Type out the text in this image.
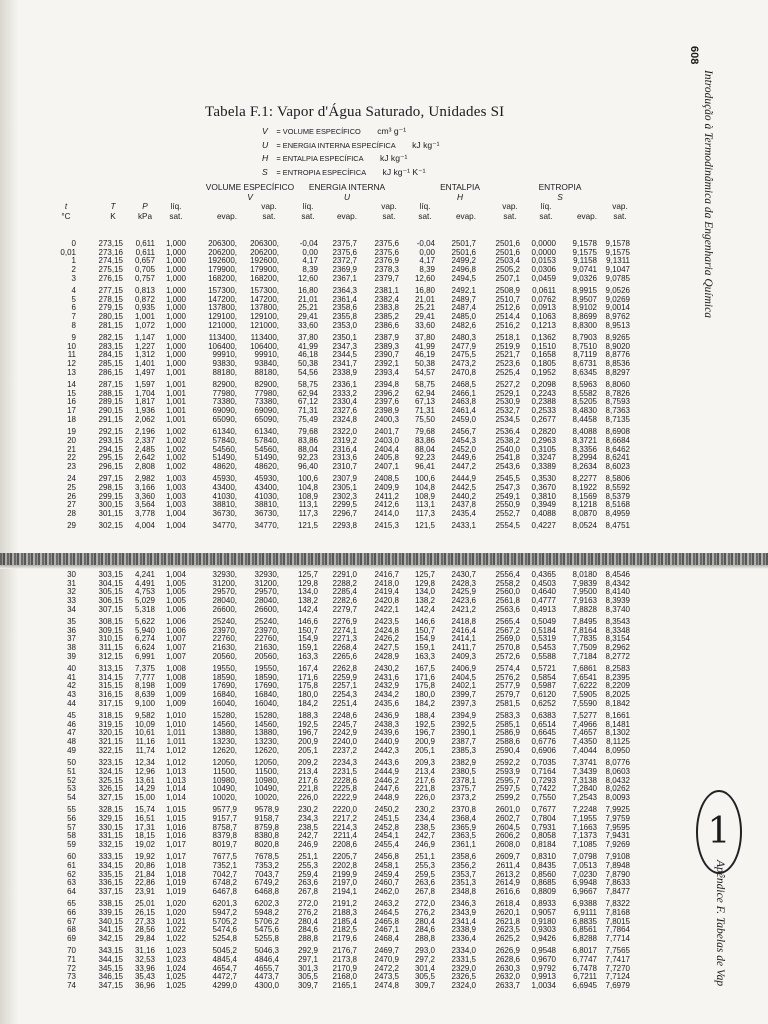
608
Introdução à Termodinâmica da Engenharia Química
Apêndice F. Tabelas de Vap
1
Tabela F.1: Vapor d'Água Saturado, Unidades SI
V = VOLUME ESPECÍFICO cm³ g⁻¹
U = ENERGIA INTERNA ESPECÍFICA kJ kg⁻¹
H = ENTALPIA ESPECÍFICA kJ kg⁻¹
S = ENTROPIA ESPECÍFICA kJ kg⁻¹ K⁻¹
VOLUME ESPECÍFICO
V
ENERGIA INTERNA
U
ENTALPIA
H
ENTROPIA
S
t
°C
T
K
P
kPa
líq.
sat.
	evap.
vap.
sat.
líq.
sat.
	evap.
vap.
sat.
líq.
sat.
	evap.
vap.
sat.
líq.
sat.
	evap.
vap.
sat.
0	273,15 0,611 1,000	206300, 206300,	-0,04 2375,7 2375,6 -0,04 2501,7 2501,6 0,0000 9,1578 9,1578
0,01	273,16 0,611 1,000	206200, 206200,	0,00 2375,6 2375,6	0,00 2501,6 2501,6 0,0000 9,1575 9,1575
1	274,15 0,657 1,000	192600, 192600,	4,17 2372,7 2376,9	4,17 2499,2 2503,4 0,0153 9,1158 9,1311
2	275,15 0,705 1,000	179900, 179900,	8,39 2369,9 2378,3	8,39 2496,8 2505,2 0,0306 9,0741 9,1047
3	276,15 0,757 1,000	168200, 168200, 12,60 2367,1 2379,7 12,60 2494,5 2507,1 0,0459 9,0326 9,0785
4	277,15 0,813 1,000	157300, 157300, 16,80 2364,3 2381,1 16,80 2492,1 2508,9 0,0611 8,9915 9,0526
5	278,15 0,872 1,000	147200, 147200, 21,01 2361,4 2382,4 21,01 2489,7 2510,7 0,0762 8,9507 9,0269
6	279,15 0,935 1,000	137800, 137800, 25,21 2358,6 2383,8 25,21 2487,4 2512,6 0,0913 8,9102 9,0014
7	280,15 1,001 1,000	129100, 129100, 29,41 2355,8 2385,2 29,41 2485,0 2514,4 0,1063 8,8699 8,9762
8	281,15 1,072 1,000	121000, 121000, 33,60 2353,0 2386,6 33,60 2482,6 2516,2 0,1213 8,8300 8,9513
9	282,15 1,147 1,000	113400, 113400, 37,80 2350,1 2387,9 37,80 2480,3 2518,1 0,1362 8,7903 8,9265
10	283,15 1,227 1,000	106400, 106400, 41,99 2347,3 2389,3 41,99 2477,9 2519,9 0,1510 8,7510 8,9020
11	284,15 1,312 1,000	99910, 99910, 46,18 2344,5 2390,7 46,19 2475,5 2521,7 0,1658 8,7119 8,8776
12	285,15 1,401 1,000	93830, 93840, 50,38 2341,7 2392,1 50,38 2473,2 2523,6 0,1805 8,6731 8,8536
13	286,15 1,497 1,001	88180, 88180, 54,56 2338,9 2393,4 54,57 2470,8 2525,4 0,1952 8,6345 8,8297
14	287,15 1,597 1,001	82900, 82900, 58,75 2336,1 2394,8 58,75 2468,5 2527,2 0,2098 8,5963 8,8060
15	288,15 1,704 1,001	77980, 77980, 62,94 2333,2 2396,2 62,94 2466,1 2529,1 0,2243 8,5582 8,7826
16	289,15 1,817 1,001	73380, 73380, 67,12 2330,4 2397,6 67,13 2463,8 2530,9 0,2388 8,5205 8,7593
17	290,15 1,936 1,001	69090, 69090, 71,31 2327,6 2398,9 71,31 2461,4 2532,7 0,2533 8,4830 8,7363
18	291,15 2,062 1,001	65090, 65090, 75,49 2324,8 2400,3 75,50 2459,0 2534,5 0,2677 8,4458 8,7135
19	292,15 2,196 1,002	61340, 61340, 79,68 2322,0 2401,7 79,68 2456,7 2536,4 0,2820 8,4088 8,6908
20	293,15 2,337 1,002	57840, 57840, 83,86 2319,2 2403,0 83,86 2454,3 2538,2 0,2963 8,3721 8,6684
21	294,15 2,485 1,002	54560, 54560, 88,04 2316,4 2404,4 88,04 2452,0 2540,0 0,3105 8,3356 8,6462
22	295,15 2,642 1,002	51490, 51490, 92,23 2313,6 2405,8 92,23 2449,6 2541,8 0,3247 8,2994 8,6241
23	296,15 2,808 1,002	48620, 48620, 96,40 2310,7 2407,1 96,41 2447,2 2543,6 0,3389 8,2634 8,6023
24	297,15 2,982 1,003	45930, 45930, 100,6 2307,9 2408,5 100,6 2444,9 2545,5 0,3530 8,2277 8,5806
25	298,15 3,166 1,003	43400, 43400, 104,8 2305,1 2409,9 104,8 2442,5 2547,3 0,3670 8,1922 8,5592
26	299,15 3,360 1,003	41030, 41030, 108,9 2302,3 2411,2 108,9 2440,2 2549,1 0,3810 8,1569 8,5379
27	300,15 3,564 1,003	38810, 38810, 113,1 2299,5 2412,6 113,1 2437,8 2550,9 0,3949 8,1218 8,5168
28	301,15 3,778 1,004	36730, 36730, 117,3 2296,7 2414,0 117,3 2435,4 2552,7 0,4088 8,0870 8,4959
29	302,15 4,004 1,004	34770, 34770, 121,5 2293,8 2415,3 121,5 2433,1 2554,5 0,4227 8,0524 8,4751
30	303,15 4,241 1,004	32930, 32930, 125,7 2291,0 2416,7 125,7 2430,7 2556,4 0,4365 8,0180 8,4546
31	304,15 4,491 1,005	31200, 31200, 129,8 2288,2 2418,0 129,8 2428,3 2558,2 0,4503 7,9839 8,4342
32	305,15 4,753 1,005	29570, 29570, 134,0 2285,4 2419,4 134,0 2425,9 2560,0 0,4640 7,9500 8,4140
33	306,15 5,029 1,005	28040, 28040, 138,2 2282,6 2420,8 138,2 2423,6 2561,8 0,4777 7,9163 8,3939
34	307,15 5,318 1,006	26600, 26600, 142,4 2279,7 2422,1 142,4 2421,2 2563,6 0,4913 7,8828 8,3740
35	308,15 5,622 1,006	25240, 25240, 146,6 2276,9 2423,5 146,6 2418,8 2565,4 0,5049 7,8495 8,3543
36	309,15 5,940 1,006	23970, 23970, 150,7 2274,1 2424,8 150,7 2416,4 2567,2 0,5184 7,8164 8,3348
37	310,15 6,274 1,007	22760, 22760, 154,9 2271,3 2426,2 154,9 2414,1 2569,0 0,5319 7,7835 8,3154
38	311,15 6,624 1,007	21630, 21630, 159,1 2268,4 2427,5 159,1 2411,7 2570,8 0,5453 7,7509 8,2962
39	312,15 6,991 1,007	20560, 20560, 163,3 2265,6 2428,9 163,3 2409,3 2572,6 0,5588 7,7184 8,2772
40	313,15 7,375 1,008	19550, 19550, 167,4 2262,8 2430,2 167,5 2406,9 2574,4 0,5721 7,6861 8,2583
41	314,15 7,777 1,008	18590, 18590, 171,6 2259,9 2431,6 171,6 2404,5 2576,2 0,5854 7,6541 8,2395
42	315,15 8,198 1,009	17690, 17690, 175,8 2257,1 2432,9 175,8 2402,1 2577,9 0,5987 7,6222 8,2209
43	316,15 8,639 1,009	16840, 16840, 180,0 2254,3 2434,2 180,0 2399,7 2579,7 0,6120 7,5905 8,2025
44	317,15 9,100 1,009	16040, 16040, 184,2 2251,4 2435,6 184,2 2397,3 2581,5 0,6252 7,5590 8,1842
45	318,15 9,582 1,010	15280, 15280, 188,3 2248,6 2436,9 188,4 2394,9 2583,3 0,6383 7,5277 8,1661
46	319,15 10,09 1,010	14560, 14560, 192,5 2245,7 2438,3 192,5 2392,5 2585,1 0,6514 7,4966 8,1481
47	320,15 10,61 1,011	13880, 13880, 196,7 2242,9 2439,6 196,7 2390,1 2586,9 0,6645 7,4657 8,1302
48	321,15 11,16 1,011	13230, 13230, 200,9 2240,0 2440,9 200,9 2387,7 2588,6 0,6776 7,4350 8,1125
49	322,15 11,74 1,012	12620, 12620, 205,1 2237,2 2442,3 205,1 2385,3 2590,4 0,6906 7,4044 8,0950
50	323,15 12,34 1,012	12050, 12050, 209,2 2234,3 2443,6 209,3 2382,9 2592,2 0,7035 7,3741 8,0776
51	324,15 12,96 1,013	11500, 11500, 213,4 2231,5 2444,9 213,4 2380,5 2593,9 0,7164 7,3439 8,0603
52	325,15 13,61 1,013	10980, 10980, 217,6 2228,6 2446,2 217,6 2378,1 2595,7 0,7293 7,3138 8,0432
53	326,15 14,29 1,014	10490, 10490, 221,8 2225,8 2447,6 221,8 2375,7 2597,5 0,7422 7,2840 8,0262
54	327,15 15,00 1,014	10020, 10020, 226,0 2222,9 2448,9 226,0 2373,2 2599,2 0,7550 7,2543 8,0093
55	328,15 15,74 1,015	9577,9 9578,9 230,2 2220,0 2450,2 230,2 2370,8 2601,0 0,7677 7,2248 7,9925
56	329,15 16,51 1,015	9157,7 9158,7 234,3 2217,2 2451,5 234,4 2368,4 2602,7 0,7804 7,1955 7,9759
57	330,15 17,31 1,016	8758,7 8759,8 238,5 2214,3 2452,8 238,5 2365,9 2604,5 0,7931 7,1663 7,9595
58	331,15 18,15 1,016	8379,8 8380,8 242,7 2211,4 2454,1 242,7 2363,5 2606,2 0,8058 7,1373 7,9431
59	332,15 19,02 1,017	8019,7 8020,8 246,9 2208,6 2455,4 246,9 2361,1 2608,0 0,8184 7,1085 7,9269
60	333,15 19,92 1,017	7677,5 7678,5 251,1 2205,7 2456,8 251,1 2358,6 2609,7 0,8310 7,0798 7,9108
61	334,15 20,86 1,018	7352,1 7353,2 255,3 2202,8 2458,1 255,3 2356,2	2611,4 0,8435 7,0513 7,8948
62	335,15 21,84 1,018	7042,7 7043,7 259,4 2199,9 2459,4 259,5 2353,7 2613,2 0,8560 7,0230 7,8790
63	336,15 22,86 1,019	6748,2 6749,2 263,6 2197,0 2460,7 263,6 2351,3 2614,9 0,8685 6,9948 7,8633
64	337,15 23,91 1,019	6467,8 6468,8 267,8 2194,1 2462,0 267,8 2348,8 2616,6 0,8809 6,9667 7,8477
65	338,15 25,01 1,020	6201,3 6202,3 272,0 2191,2 2463,2 272,0 2346,3 2618,4 0,8933 6,9388 7,8322
66	339,15 26,15 1,020	5947,2 5948,2 276,2 2188,3 2464,5 276,2 2343,9 2620,1 0,9057 6,9111 7,8168
67	340,15 27,33 1,021	5705,2 5706,2 280,4 2185,4 2465,8 280,4 2341,4 2621,8 0,9180 6,8835 7,8015
68	341,15 28,56 1,022	5474,6 5475,6 284,6 2182,5 2467,1 284,6 2338,9 2623,5 0,9303 6,8561 7,7864
69	342,15 29,84 1,022	5254,8 5255,8 288,8 2179,6 2468,4 288,8 2336,4 2625,2 0,9426 6,8288 7,7714
70	343,15 31,16 1,023	5045,2 5046,3 292,9 2176,7 2469,7 293,0 2334,0 2626,9 0,9548 6,8017 7,7565
71	344,15 32,53 1,023	4845,4 4846,4 297,1 2173,8 2470,9 297,2 2331,5 2628,6 0,9670 6,7747 7,7417
72	345,15 33,96 1,024	4654,7 4655,7 301,3 2170,9 2472,2 301,4 2329,0 2630,3 0,9792 6,7478 7,7270
73	346,15 35,43 1,025	4472,7 4473,7 305,5 2168,0 2473,5 305,5 2326,5 2632,0 0,9913 6,7211 7,7124
74	347,15 36,96 1,025	4299,0 4300,0 309,7 2165,1 2474,8 309,7 2324,0 2633,7 1,0034 6,6945 7,6979
